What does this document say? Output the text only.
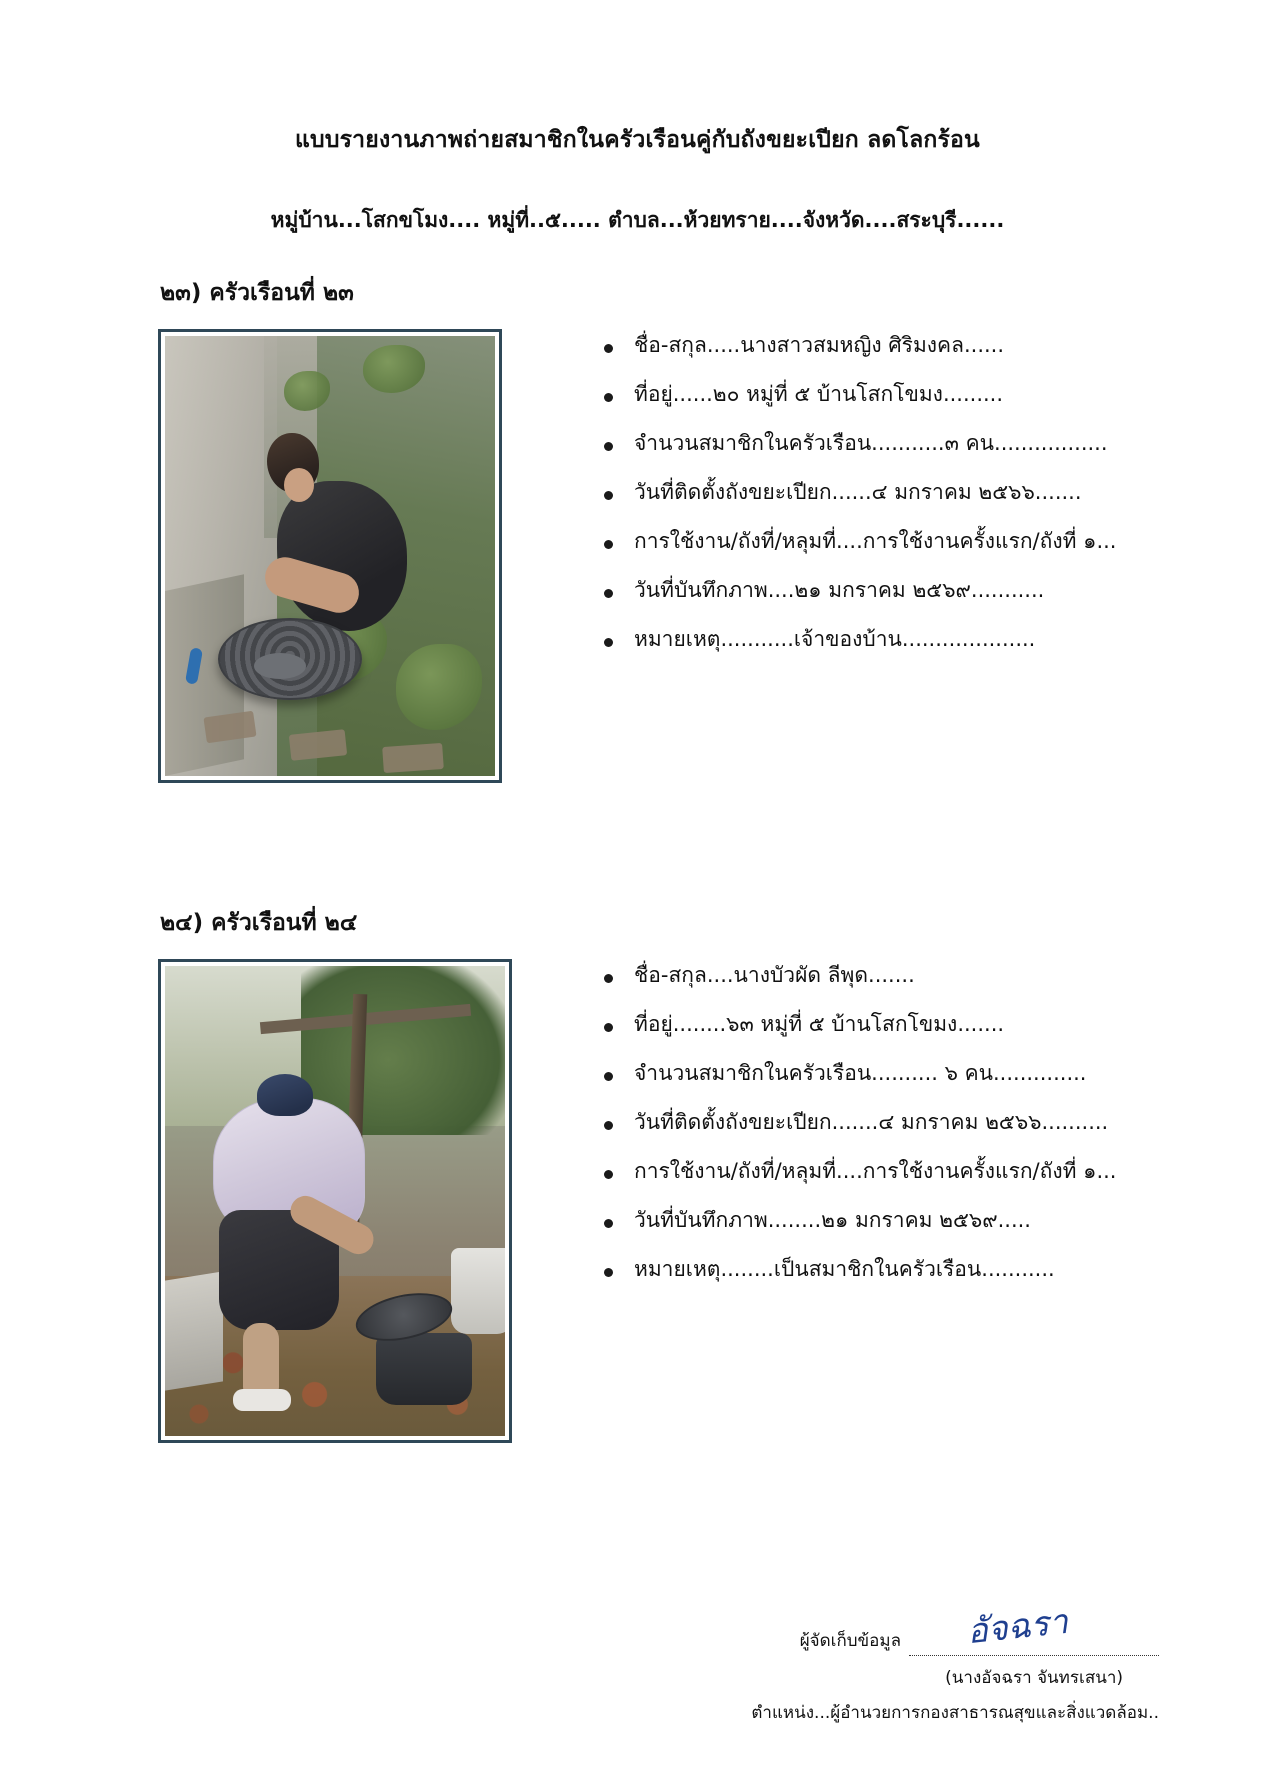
แบบรายงานภาพถ่ายสมาชิกในครัวเรือนคู่กับถังขยะเปียก ลดโลกร้อน
หมู่บ้าน...โสกขโมง.... หมู่ที่..๕..... ตำบล...ห้วยทราย....จังหวัด....สระบุรี......
๒๓) ครัวเรือนที่ ๒๓
ชื่อ-สกุล.....นางสาวสมหญิง ศิริมงคล......
ที่อยู่......๒๐ หมู่ที่ ๕ บ้านโสกโขมง.........
จำนวนสมาชิกในครัวเรือน...........๓ คน.................
วันที่ติดตั้งถังขยะเปียก......๔ มกราคม ๒๕๖๖.......
การใช้งาน/ถังที่/หลุมที่....การใช้งานครั้งแรก/ถังที่ ๑...
วันที่บันทึกภาพ....๒๑ มกราคม ๒๕๖๙...........
หมายเหตุ...........เจ้าของบ้าน....................
๒๔) ครัวเรือนที่ ๒๔
ชื่อ-สกุล....นางบัวผัด ลีพุด.......
ที่อยู่........๖๓ หมู่ที่ ๕ บ้านโสกโขมง.......
จำนวนสมาชิกในครัวเรือน.......... ๖ คน..............
วันที่ติดตั้งถังขยะเปียก.......๔ มกราคม ๒๕๖๖..........
การใช้งาน/ถังที่/หลุมที่....การใช้งานครั้งแรก/ถังที่ ๑...
วันที่บันทึกภาพ........๒๑ มกราคม ๒๕๖๙.....
หมายเหตุ........เป็นสมาชิกในครัวเรือน...........
ผู้จัดเก็บข้อมูล อัจฉรา
(นางอัจฉรา จันทรเสนา)
ตำแหน่ง...ผู้อำนวยการกองสาธารณสุขและสิ่งแวดล้อม..
